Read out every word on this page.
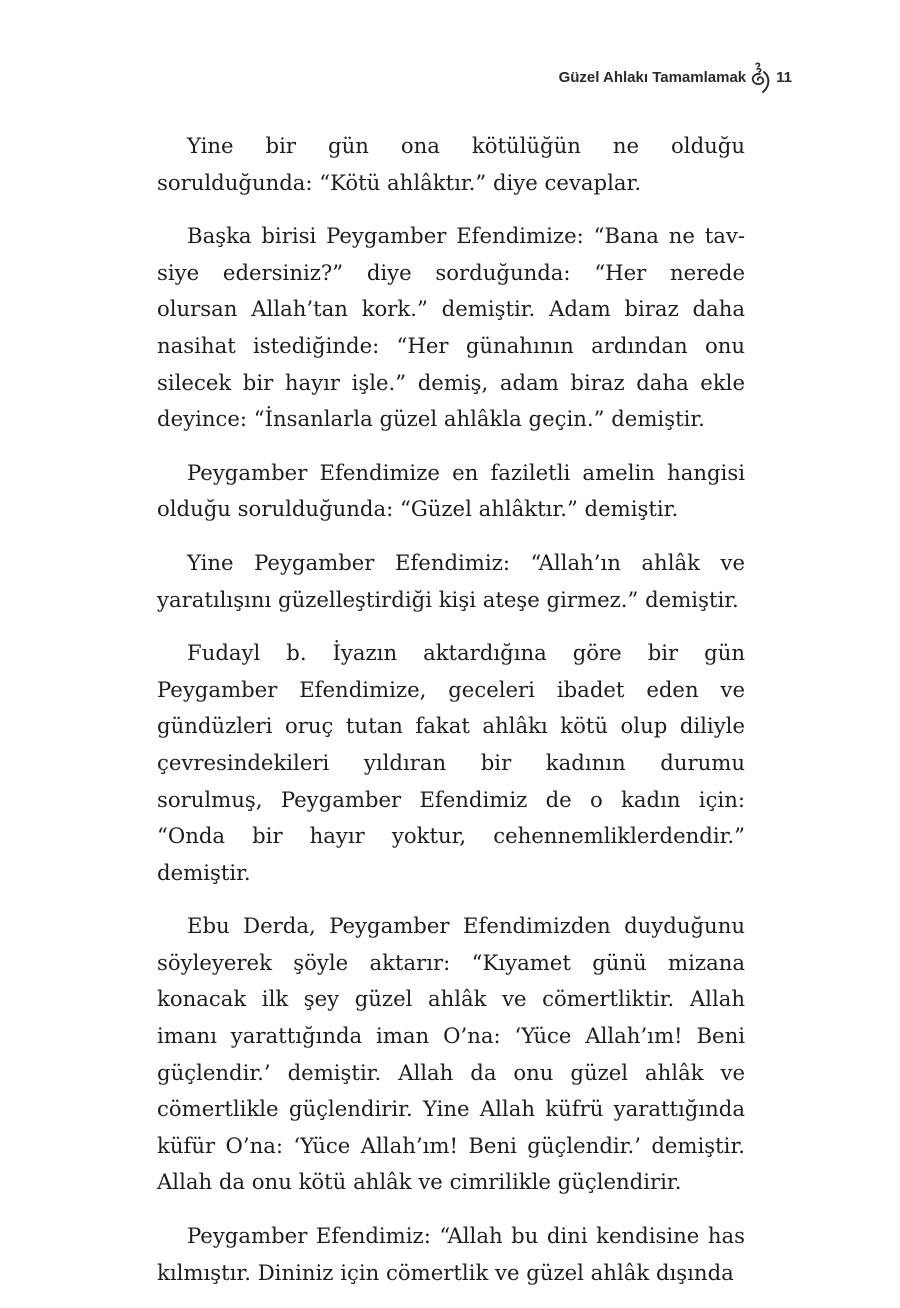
Güzel Ahlakı Tamamlamak 11

Yine bir gün ona kötülüğün ne olduğu sorulduğunda: “Kötü ahlâktır.” diye cevaplar.

Başka birisi Peygamber Efendimize: “Bana ne tavsiye edersiniz?” diye sorduğunda: “Her nerede olursan Allah’tan kork.” demiştir. Adam biraz daha nasihat istediğinde: “Her günahının ardından onu silecek bir hayır işle.” demiş, adam biraz daha ekle deyince: “İnsanlarla güzel ahlâkla geçin.” demiştir.

Peygamber Efendimize en faziletli amelin hangisi olduğu sorulduğunda: “Güzel ahlâktır.” demiştir.

Yine Peygamber Efendimiz: “Allah’ın ahlâk ve yaratılışını güzelleştirdiği kişi ateşe girmez.” demiştir.

Fudayl b. İyazın aktardığına göre bir gün Peygamber Efendimize, geceleri ibadet eden ve gündüzleri oruç tutan fakat ahlâkı kötü olup diliyle çevresindekileri yıldıran bir kadının durumu sorulmuş, Peygamber Efendimiz de o kadın için: “Onda bir hayır yoktur, cehennemliklerdendir.” demiştir.

Ebu Derda, Peygamber Efendimizden duyduğunu söyleyerek şöyle aktarır: “Kıyamet günü mizana konacak ilk şey güzel ahlâk ve cömertliktir. Allah imanı yarattığında iman O’na: ‘Yüce Allah’ım! Beni güçlendir.’ demiştir. Allah da onu güzel ahlâk ve cömertlikle güçlendirir. Yine Allah küfrü yarattığında küfür O’na: ‘Yüce Allah’ım! Beni güçlendir.’ demiştir. Allah da onu kötü ahlâk ve cimrilikle güçlendirir.

Peygamber Efendimiz: “Allah bu dini kendisine has kılmıştır. Dininiz için cömertlik ve güzel ahlâk dışında
